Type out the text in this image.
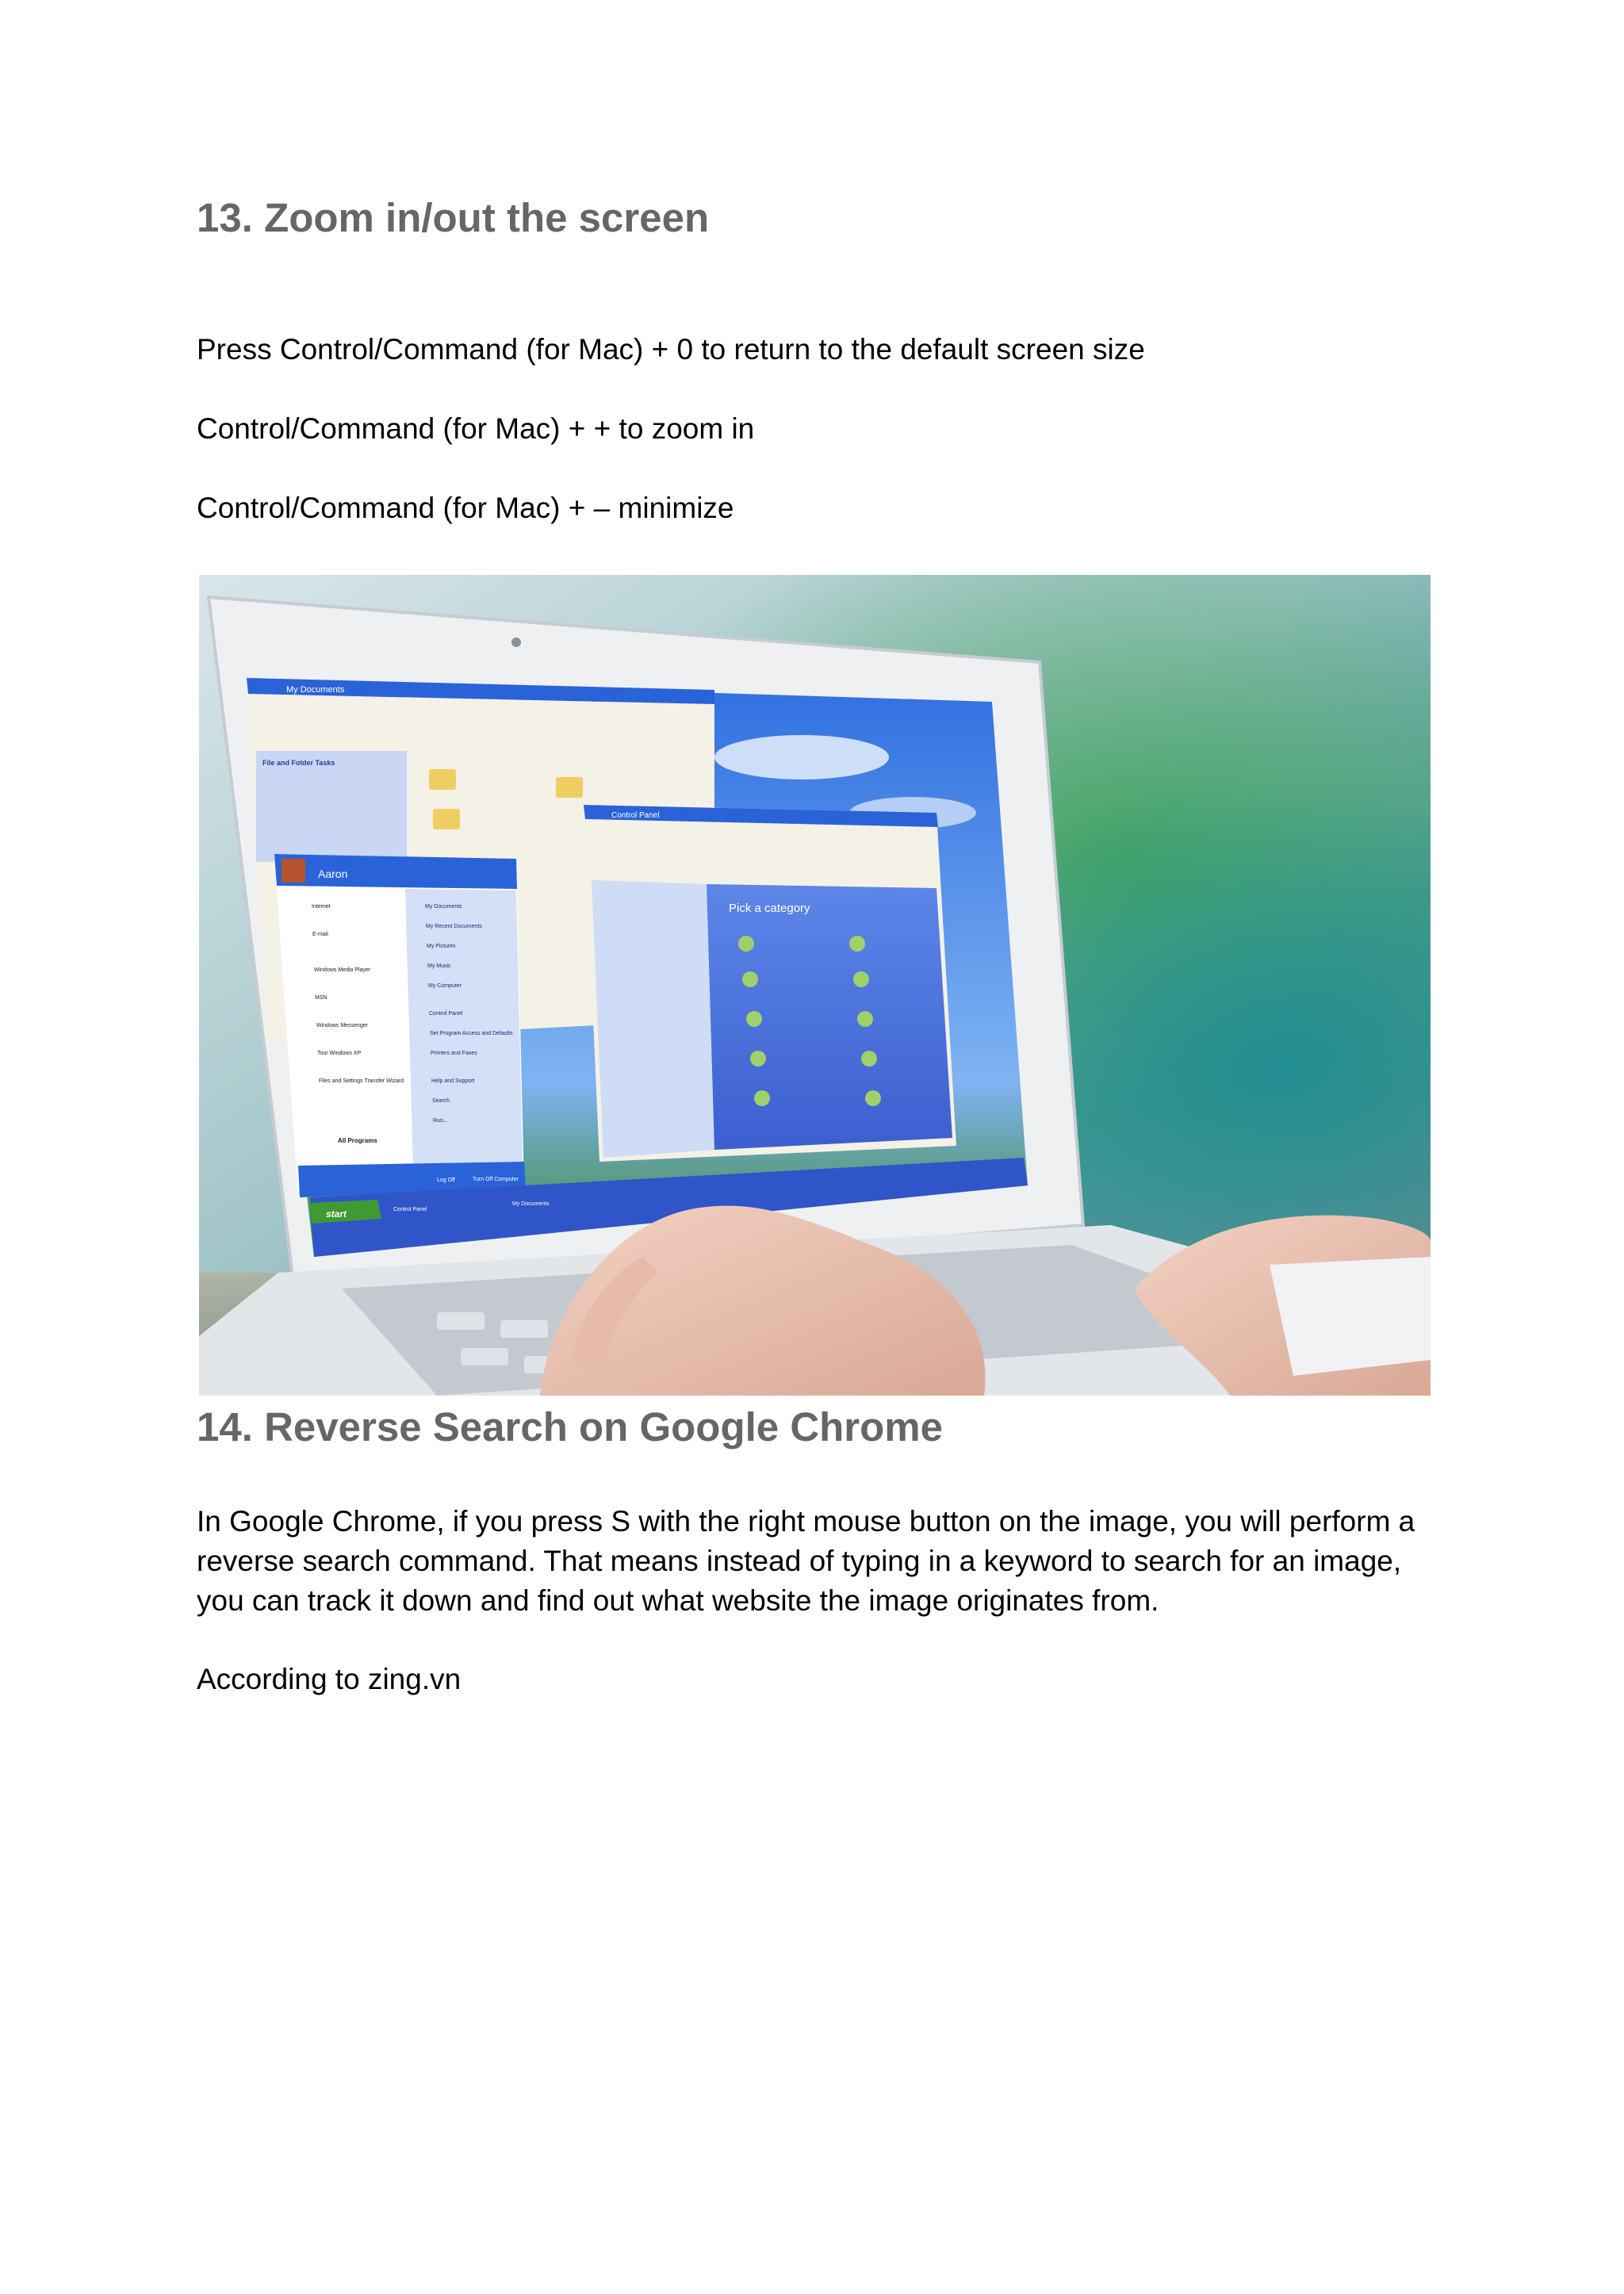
13. Zoom in/out the screen

Press Control/Command (for Mac) + 0 to return to the default screen size

Control/Command (for Mac) + + to zoom in

Control/Command (for Mac) + – minimize

My Documents
File and Folder Tasks
Control Panel
Pick a category
Aaron
Internet
E-mail
Windows Media Player
MSN
Windows Messenger
Tour Windows XP
Files and Settings Transfer Wizard
My Documents
My Recent Documents
My Pictures
My Music
My Computer
Control Panel
Set Program Access and Defaults
Printers and Faxes
Help and Support
Search
Run...
All Programs
Log Off	Turn Off Computer
start	Control Panel
My Documents
14. Reverse Search on Google Chrome

In Google Chrome, if you press S with the right mouse button on the image, you will perform a reverse search command. That means instead of typing in a keyword to search for an image, you can track it down and find out what website the image originates from.

According to zing.vn
